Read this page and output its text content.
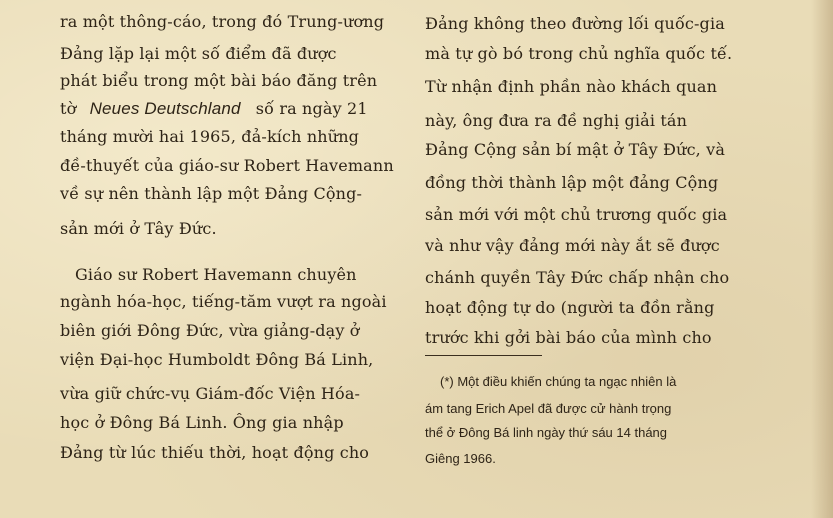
ra một thông-cáo, trong đó Trung-ương
Đảng lặp lại một số điểm đã được
phát biểu trong một bài báo đăng trên
tờ Neues Deutschland số ra ngày 21
tháng mười hai 1965, đả-kích những
đề-thuyết của giáo-sư Robert Havemann
về sự nên thành lập một Đảng Cộng-
sản mới ở Tây Đức.
Giáo sư Robert Havemann chuyên
ngành hóa-học, tiếng-tăm vượt ra ngoài
biên giới Đông Đức, vừa giảng-dạy ở
viện Đại-học Humboldt Đông Bá Linh,
vừa giữ chức-vụ Giám-đốc Viện Hóa-
học ở Đông Bá Linh. Ông gia nhập
Đảng từ lúc thiếu thời, hoạt động cho
Đảng không theo đường lối quốc-gia
mà tự gò bó trong chủ nghĩa quốc tế.
Từ nhận định phần nào khách quan
này, ông đưa ra đề nghị giải tán
Đảng Cộng sản bí mật ở Tây Đức, và
đồng thời thành lập một đảng Cộng
sản mới với một chủ trương quốc gia
và như vậy đảng mới này ắt sẽ được
chánh quyền Tây Đức chấp nhận cho
hoạt động tự do (người ta đồn rằng
trước khi gởi bài báo của mình cho
(*) Một điều khiến chúng ta ngạc nhiên là
ám tang Erich Apel đã được cử hành trọng
thể ở Đông Bá linh ngày thứ sáu 14 tháng
Giêng 1966.
